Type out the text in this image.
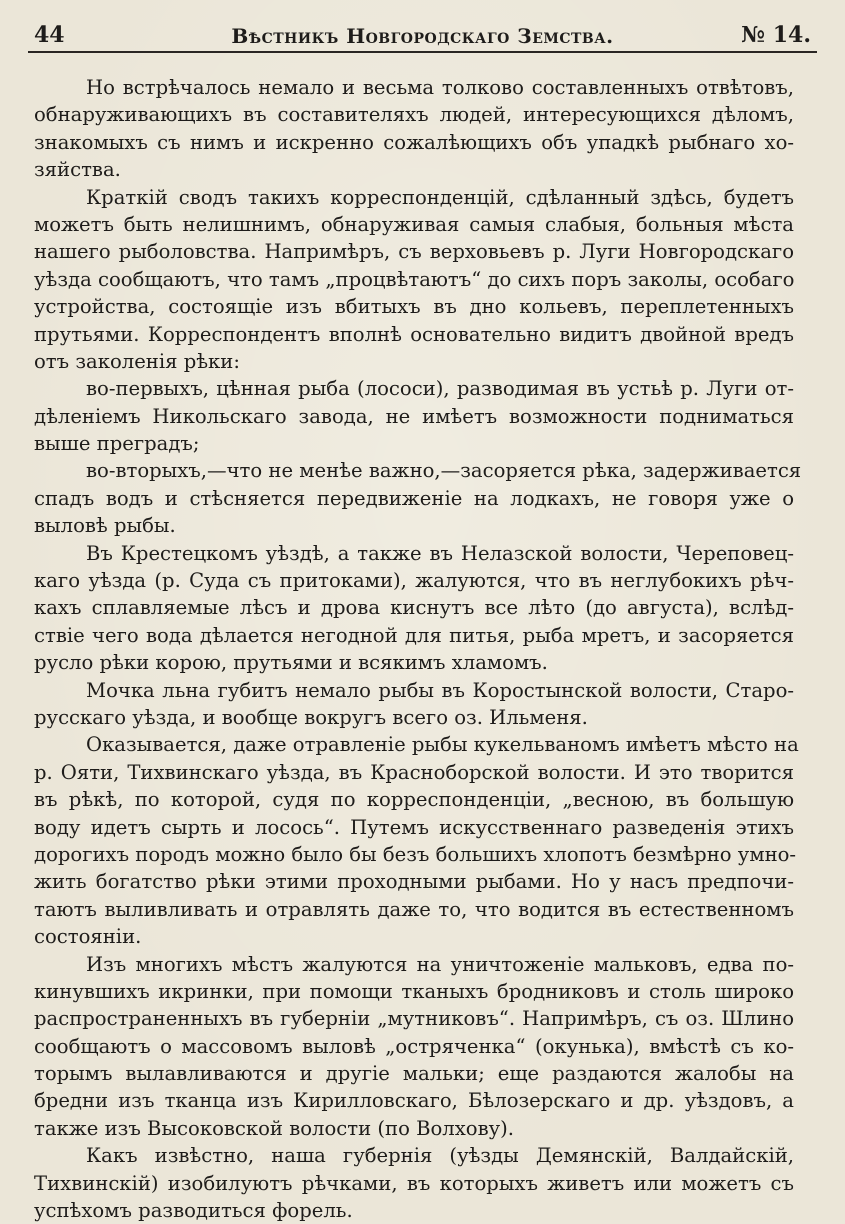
44	Вѣстникъ Новгородскаго Земства.	№ 14.
Но встрѣчалось немало и весьма толково составленныхъ отвѣтовъ,
обнаруживающихъ въ составителяхъ людей, интересующихся дѣломъ,
знакомыхъ съ нимъ и искренно сожалѣющихъ объ упадкѣ рыбнаго хо-
зяйства.
Краткій сводъ такихъ корреспонденцій, сдѣланный здѣсь, будетъ
можетъ быть нелишнимъ, обнаруживая самыя слабыя, больныя мѣста
нашего рыболовства. Напримѣръ, съ верховьевъ р. Луги Новгородскаго
уѣзда сообщаютъ, что тамъ „процвѣтаютъ“ до сихъ поръ заколы, особаго
устройства, состоящіе изъ вбитыхъ въ дно кольевъ, переплетенныхъ
прутьями. Корреспондентъ вполнѣ основательно видитъ двойной вредъ
отъ заколенія рѣки:
во-первыхъ, цѣнная рыба (лососи), разводимая въ устьѣ р. Луги от-
дѣленіемъ Никольскаго завода, не имѣетъ возможности подниматься
выше преградъ;
во-вторыхъ,—что не менѣе важно,—засоряется рѣка, задерживается
спадъ водъ и стѣсняется передвиженіе на лодкахъ, не говоря уже о
выловѣ рыбы.
Въ Крестецкомъ уѣздѣ, а также въ Нелазской волости, Череповец-
каго уѣзда (р. Суда съ притоками), жалуются, что въ неглубокихъ рѣч-
кахъ сплавляемые лѣсъ и дрова киснутъ все лѣто (до августа), вслѣд-
ствіе чего вода дѣлается негодной для питья, рыба мретъ, и засоряется
русло рѣки корою, прутьями и всякимъ хламомъ.
Мочка льна губитъ немало рыбы въ Коростынской волости, Старо-
русскаго уѣзда, и вообще вокругъ всего оз. Ильменя.
Оказывается, даже отравленіе рыбы кукельваномъ имѣетъ мѣсто на
р. Ояти, Тихвинскаго уѣзда, въ Красноборской волости. И это творится
въ рѣкѣ, по которой, судя по корреспонденціи, „весною, въ большую
воду идетъ сырть и лосось“. Путемъ искусственнаго разведенія этихъ
дорогихъ породъ можно было бы безъ большихъ хлопотъ безмѣрно умно-
жить богатство рѣки этими проходными рыбами. Но у насъ предпочи-
таютъ выливливать и отравлять даже то, что водится въ естественномъ
состояніи.
Изъ многихъ мѣстъ жалуются на уничтоженіе мальковъ, едва по-
кинувшихъ икринки, при помощи тканыхъ бродниковъ и столь широко
распространенныхъ въ губерніи „мутниковъ“. Напримѣръ, съ оз. Шлино
сообщаютъ о массовомъ выловѣ „остряченка“ (окунька), вмѣстѣ съ ко-
торымъ вылавливаются и другіе мальки; еще раздаются жалобы на
бредни изъ тканца изъ Кирилловскаго, Бѣлозерскаго и др. уѣздовъ, а
также изъ Высоковской волости (по Волхову).
Какъ извѣстно, наша губернія (уѣзды Демянскій, Валдайскій,
Тихвинскій) изобилуютъ рѣчками, въ которыхъ живетъ или можетъ съ
успѣхомъ разводиться форель.
